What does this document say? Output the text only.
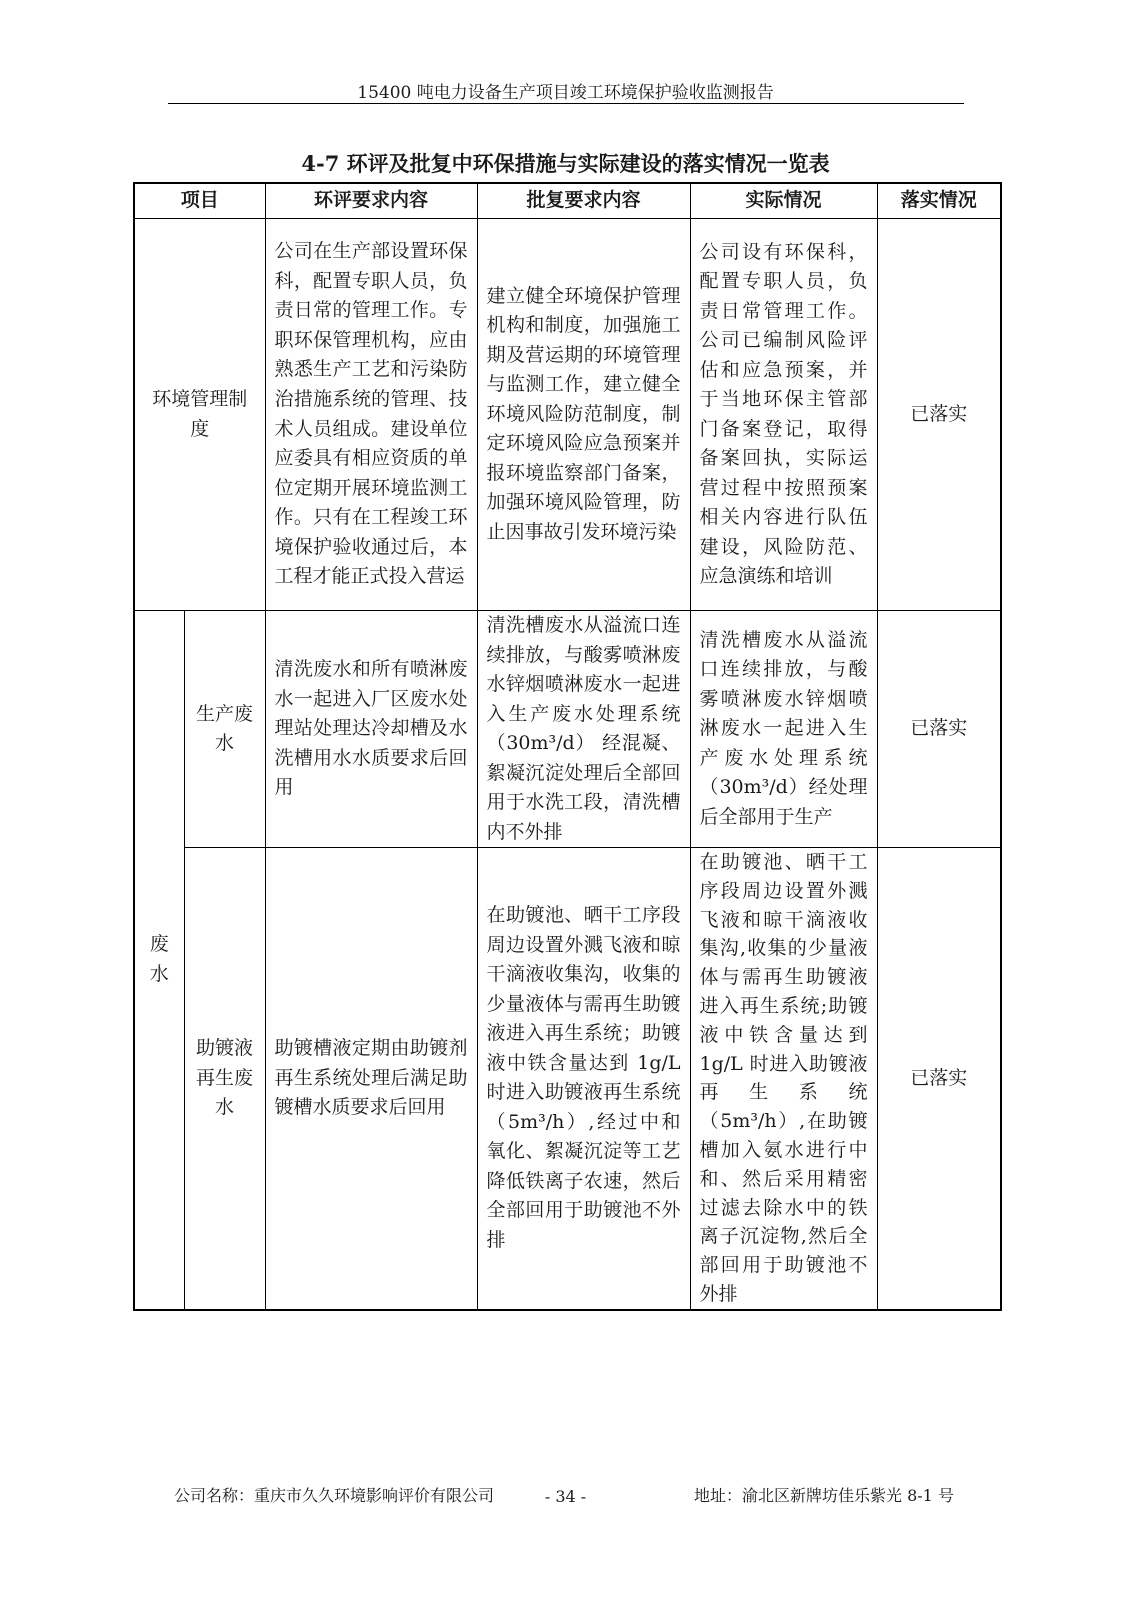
15400 吨电力设备生产项目竣工环境保护验收监测报告
4-7 环评及批复中环保措施与实际建设的落实情况一览表
项目		环评要求内容	批复要求内容	实际情况	落实情况
环境管理制度		公司在生产部设置环保科，配置专职人员，负责日常的管理工作。专职环保管理机构，应由熟悉生产工艺和污染防治措施系统的管理、技术人员组成。建设单位应委具有相应资质的单位定期开展环境监测工作。只有在工程竣工环境保护验收通过后，本工程才能正式投入营运	建立健全环境保护管理机构和制度，加强施工期及营运期的环境管理与监测工作，建立健全环境风险防范制度，制定环境风险应急预案并报环境监察部门备案，加强环境风险管理，防止因事故引发环境污染	公司设有环保科，配置专职人员，负责日常管理工作。公司已编制风险评估和应急预案，并于当地环保主管部门备案登记，取得备案回执，实际运营过程中按照预案相关内容进行队伍建设，风险防范、应急演练和培训	已落实
废水	生产废水	清洗废水和所有喷淋废水一起进入厂区废水处理站处理达冷却槽及水洗槽用水水质要求后回用	清洗槽废水从溢流口连续排放，与酸雾喷淋废水锌烟喷淋废水一起进入生产废水处理系统（30m³/d） 经混凝、絮凝沉淀处理后全部回用于水洗工段，清洗槽内不外排	清洗槽废水从溢流口连续排放，与酸雾喷淋废水锌烟喷淋废水一起进入生产废水处理系统（30m³/d）经处理后全部用于生产	已落实
	助镀液再生废水	助镀槽液定期由助镀剂再生系统处理后满足助镀槽水质要求后回用	在助镀池、晒干工序段周边设置外溅飞液和晾干滴液收集沟，收集的少量液体与需再生助镀液进入再生系统；助镀液中铁含量达到 1g/L 时进入助镀液再生系统（5m³/h）,经过中和氧化、絮凝沉淀等工艺降低铁离子农速，然后全部回用于助镀池不外排	在助镀池、晒干工序段周边设置外溅飞液和晾干滴液收集沟,收集的少量液体与需再生助镀液进入再生系统;助镀液中铁含量达到 1g/L 时进入助镀液再生系统（5m³/h）,在助镀槽加入氨水进行中和、然后采用精密过滤去除水中的铁离子沉淀物,然后全部回用于助镀池不外排	已落实
公司名称：重庆市久久环境影响评价有限公司	- 34 -	地址：渝北区新牌坊佳乐紫光 8-1 号
